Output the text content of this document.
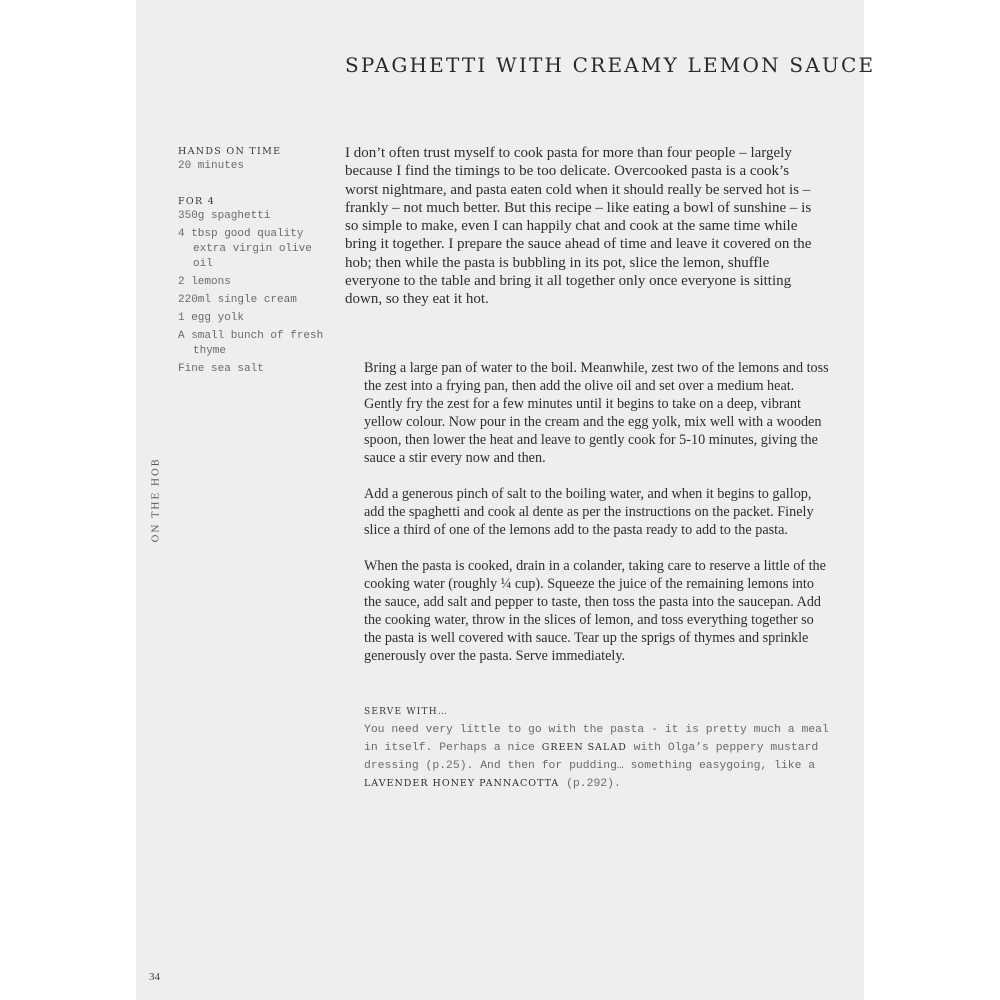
SPAGHETTI WITH CREAMY LEMON SAUCE
HANDS ON TIME
20 minutes
FOR 4
350g spaghetti
4 tbsp good quality extra virgin olive oil
2 lemons
220ml single cream
1 egg yolk
A small bunch of fresh thyme
Fine sea salt

I don’t often trust myself to cook pasta for more than four people – largely because I find the timings to be too delicate. Overcooked pasta is a cook’s worst nightmare, and pasta eaten cold when it should really be served hot is – frankly – not much better. But this recipe – like eating a bowl of sunshine – is so simple to make, even I can happily chat and cook at the same time while bring it together. I prepare the sauce ahead of time and leave it covered on the hob; then while the pasta is bubbling in its pot, slice the lemon, shuffle everyone to the table and bring it all together only once everyone is sitting down, so they eat it hot.

Bring a large pan of water to the boil. Meanwhile, zest two of the lemons and toss the zest into a frying pan, then add the olive oil and set over a medium heat. Gently fry the zest for a few minutes until it begins to take on a deep, vibrant yellow colour. Now pour in the cream and the egg yolk, mix well with a wooden spoon, then lower the heat and leave to gently cook for 5-10 minutes, giving the sauce a stir every now and then.

Add a generous pinch of salt to the boiling water, and when it begins to gallop, add the spaghetti and cook al dente as per the instructions on the packet. Finely slice a third of one of the lemons add to the pasta ready to add to the pasta.

When the pasta is cooked, drain in a colander, taking care to reserve a little of the cooking water (roughly ¼ cup). Squeeze the juice of the remaining lemons into the sauce, add salt and pepper to taste, then toss the pasta into the saucepan. Add the cooking water, throw in the slices of lemon, and toss everything together so the pasta is well covered with sauce. Tear up the sprigs of thymes and sprinkle generously over the pasta. Serve immediately.

SERVE WITH…
You need very little to go with the pasta - it is pretty much a meal in itself. Perhaps a nice GREEN SALAD with Olga’s peppery mustard dressing (p.25). And then for pudding… something easygoing, like a LAVENDER HONEY PANNACOTTA (p.292).
ON THE HOB
34
